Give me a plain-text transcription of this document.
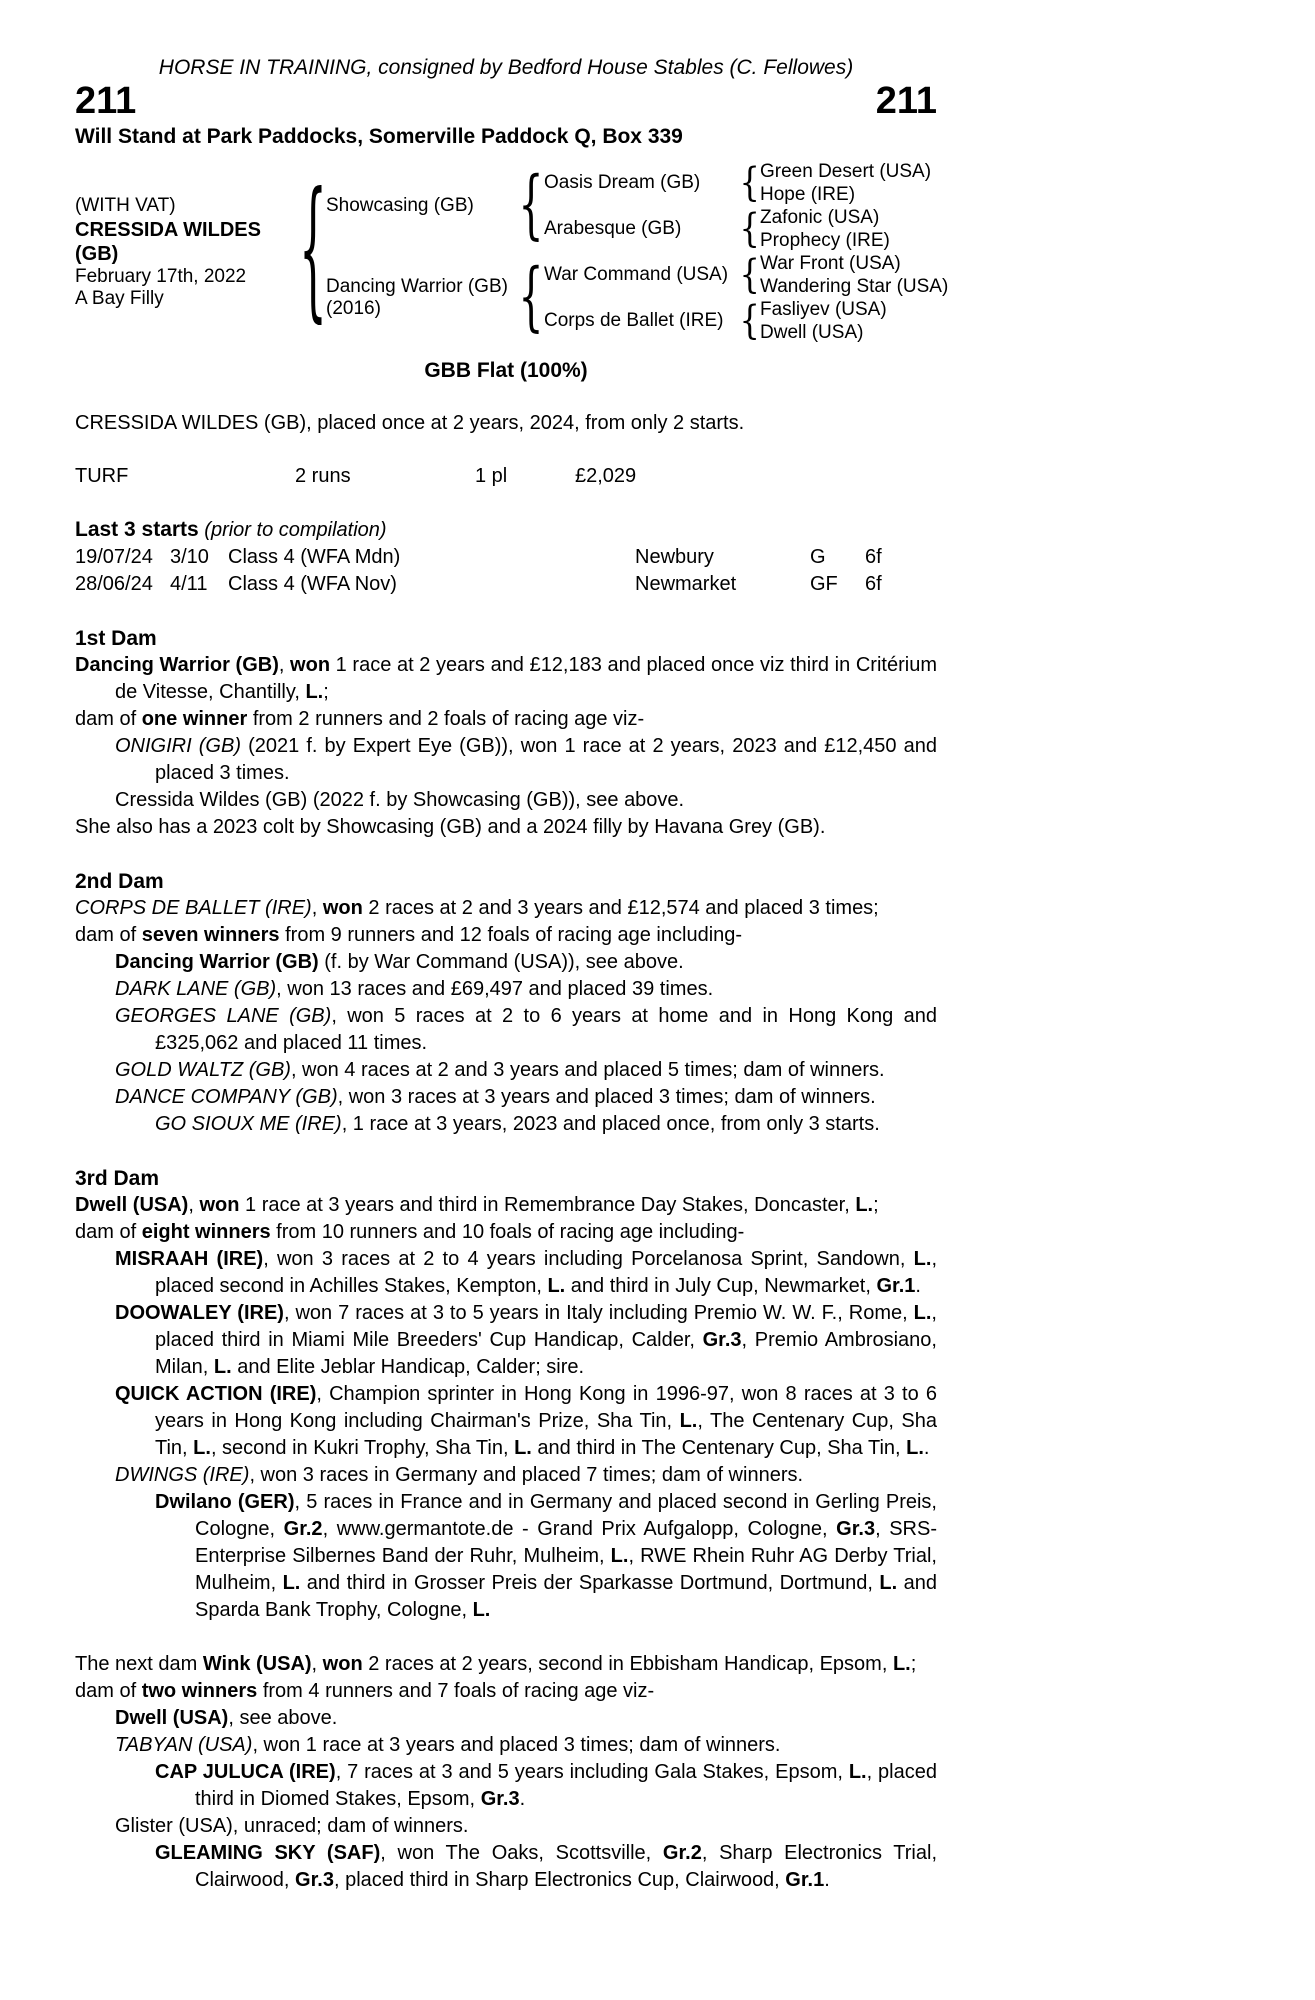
HORSE IN TRAINING, consigned by Bedford House Stables (C. Fellowes)
211	211
Will Stand at Park Paddocks, Somerville Paddock Q, Box 339
(WITH VAT)
CRESSIDA WILDES (GB)
February 17th, 2022
A Bay Filly	{ Showcasing (GB)
Dancing Warrior (GB)
(2016)
{
{
Oasis Dream (GB)
Arabesque (GB)
War Command (USA)
Corps de Ballet (IRE)
{
{
{
{
Green Desert (USA)
Hope (IRE)
Zafonic (USA)
Prophecy (IRE)
War Front (USA)
Wandering Star (USA)
Fasliyev (USA)
Dwell (USA)
GBB Flat (100%)
CRESSIDA WILDES (GB), placed once at 2 years, 2024, from only 2 starts.
TURF	2 runs	1 pl	£2,029
Last 3 starts (prior to compilation)
19/07/24 3/10 Class 4 (WFA Mdn)	Newbury	G	6f
28/06/24 4/11	Class 4 (WFA Nov)	Newmarket	GF	6f
1st Dam
Dancing Warrior (GB), won 1 race at 2 years and £12,183 and placed once viz third in Critérium de Vitesse, Chantilly, L.;
dam of one winner from 2 runners and 2 foals of racing age viz-
ONIGIRI (GB) (2021 f. by Expert Eye (GB)), won 1 race at 2 years, 2023 and £12,450 and placed 3 times.
Cressida Wildes (GB) (2022 f. by Showcasing (GB)), see above.
She also has a 2023 colt by Showcasing (GB) and a 2024 filly by Havana Grey (GB).
2nd Dam
CORPS DE BALLET (IRE), won 2 races at 2 and 3 years and £12,574 and placed 3 times;
dam of seven winners from 9 runners and 12 foals of racing age including-
Dancing Warrior (GB) (f. by War Command (USA)), see above.
DARK LANE (GB), won 13 races and £69,497 and placed 39 times.
GEORGES LANE (GB), won 5 races at 2 to 6 years at home and in Hong Kong and £325,062 and placed 11 times.
GOLD WALTZ (GB), won 4 races at 2 and 3 years and placed 5 times; dam of winners.
DANCE COMPANY (GB), won 3 races at 3 years and placed 3 times; dam of winners.
GO SIOUX ME (IRE), 1 race at 3 years, 2023 and placed once, from only 3 starts.
3rd Dam
Dwell (USA), won 1 race at 3 years and third in Remembrance Day Stakes, Doncaster, L.;
dam of eight winners from 10 runners and 10 foals of racing age including-
MISRAAH (IRE), won 3 races at 2 to 4 years including Porcelanosa Sprint, Sandown, L., placed second in Achilles Stakes, Kempton, L. and third in July Cup, Newmarket, Gr.1.
DOOWALEY (IRE), won 7 races at 3 to 5 years in Italy including Premio W. W. F., Rome, L., placed third in Miami Mile Breeders' Cup Handicap, Calder, Gr.3, Premio Ambrosiano, Milan, L. and Elite Jeblar Handicap, Calder; sire.
QUICK ACTION (IRE), Champion sprinter in Hong Kong in 1996-97, won 8 races at 3 to 6 years in Hong Kong including Chairman's Prize, Sha Tin, L., The Centenary Cup, Sha Tin, L., second in Kukri Trophy, Sha Tin, L. and third in The Centenary Cup, Sha Tin, L..
DWINGS (IRE), won 3 races in Germany and placed 7 times; dam of winners.
Dwilano (GER), 5 races in France and in Germany and placed second in Gerling Preis, Cologne, Gr.2, www.germantote.de - Grand Prix Aufgalopp, Cologne, Gr.3, SRS-Enterprise Silbernes Band der Ruhr, Mulheim, L., RWE Rhein Ruhr AG Derby Trial, Mulheim, L. and third in Grosser Preis der Sparkasse Dortmund, Dortmund, L. and Sparda Bank Trophy, Cologne, L.
The next dam Wink (USA), won 2 races at 2 years, second in Ebbisham Handicap, Epsom, L.;
dam of two winners from 4 runners and 7 foals of racing age viz-
Dwell (USA), see above.
TABYAN (USA), won 1 race at 3 years and placed 3 times; dam of winners.
CAP JULUCA (IRE), 7 races at 3 and 5 years including Gala Stakes, Epsom, L., placed third in Diomed Stakes, Epsom, Gr.3.
Glister (USA), unraced; dam of winners.
GLEAMING SKY (SAF), won The Oaks, Scottsville, Gr.2, Sharp Electronics Trial, Clairwood, Gr.3, placed third in Sharp Electronics Cup, Clairwood, Gr.1.
